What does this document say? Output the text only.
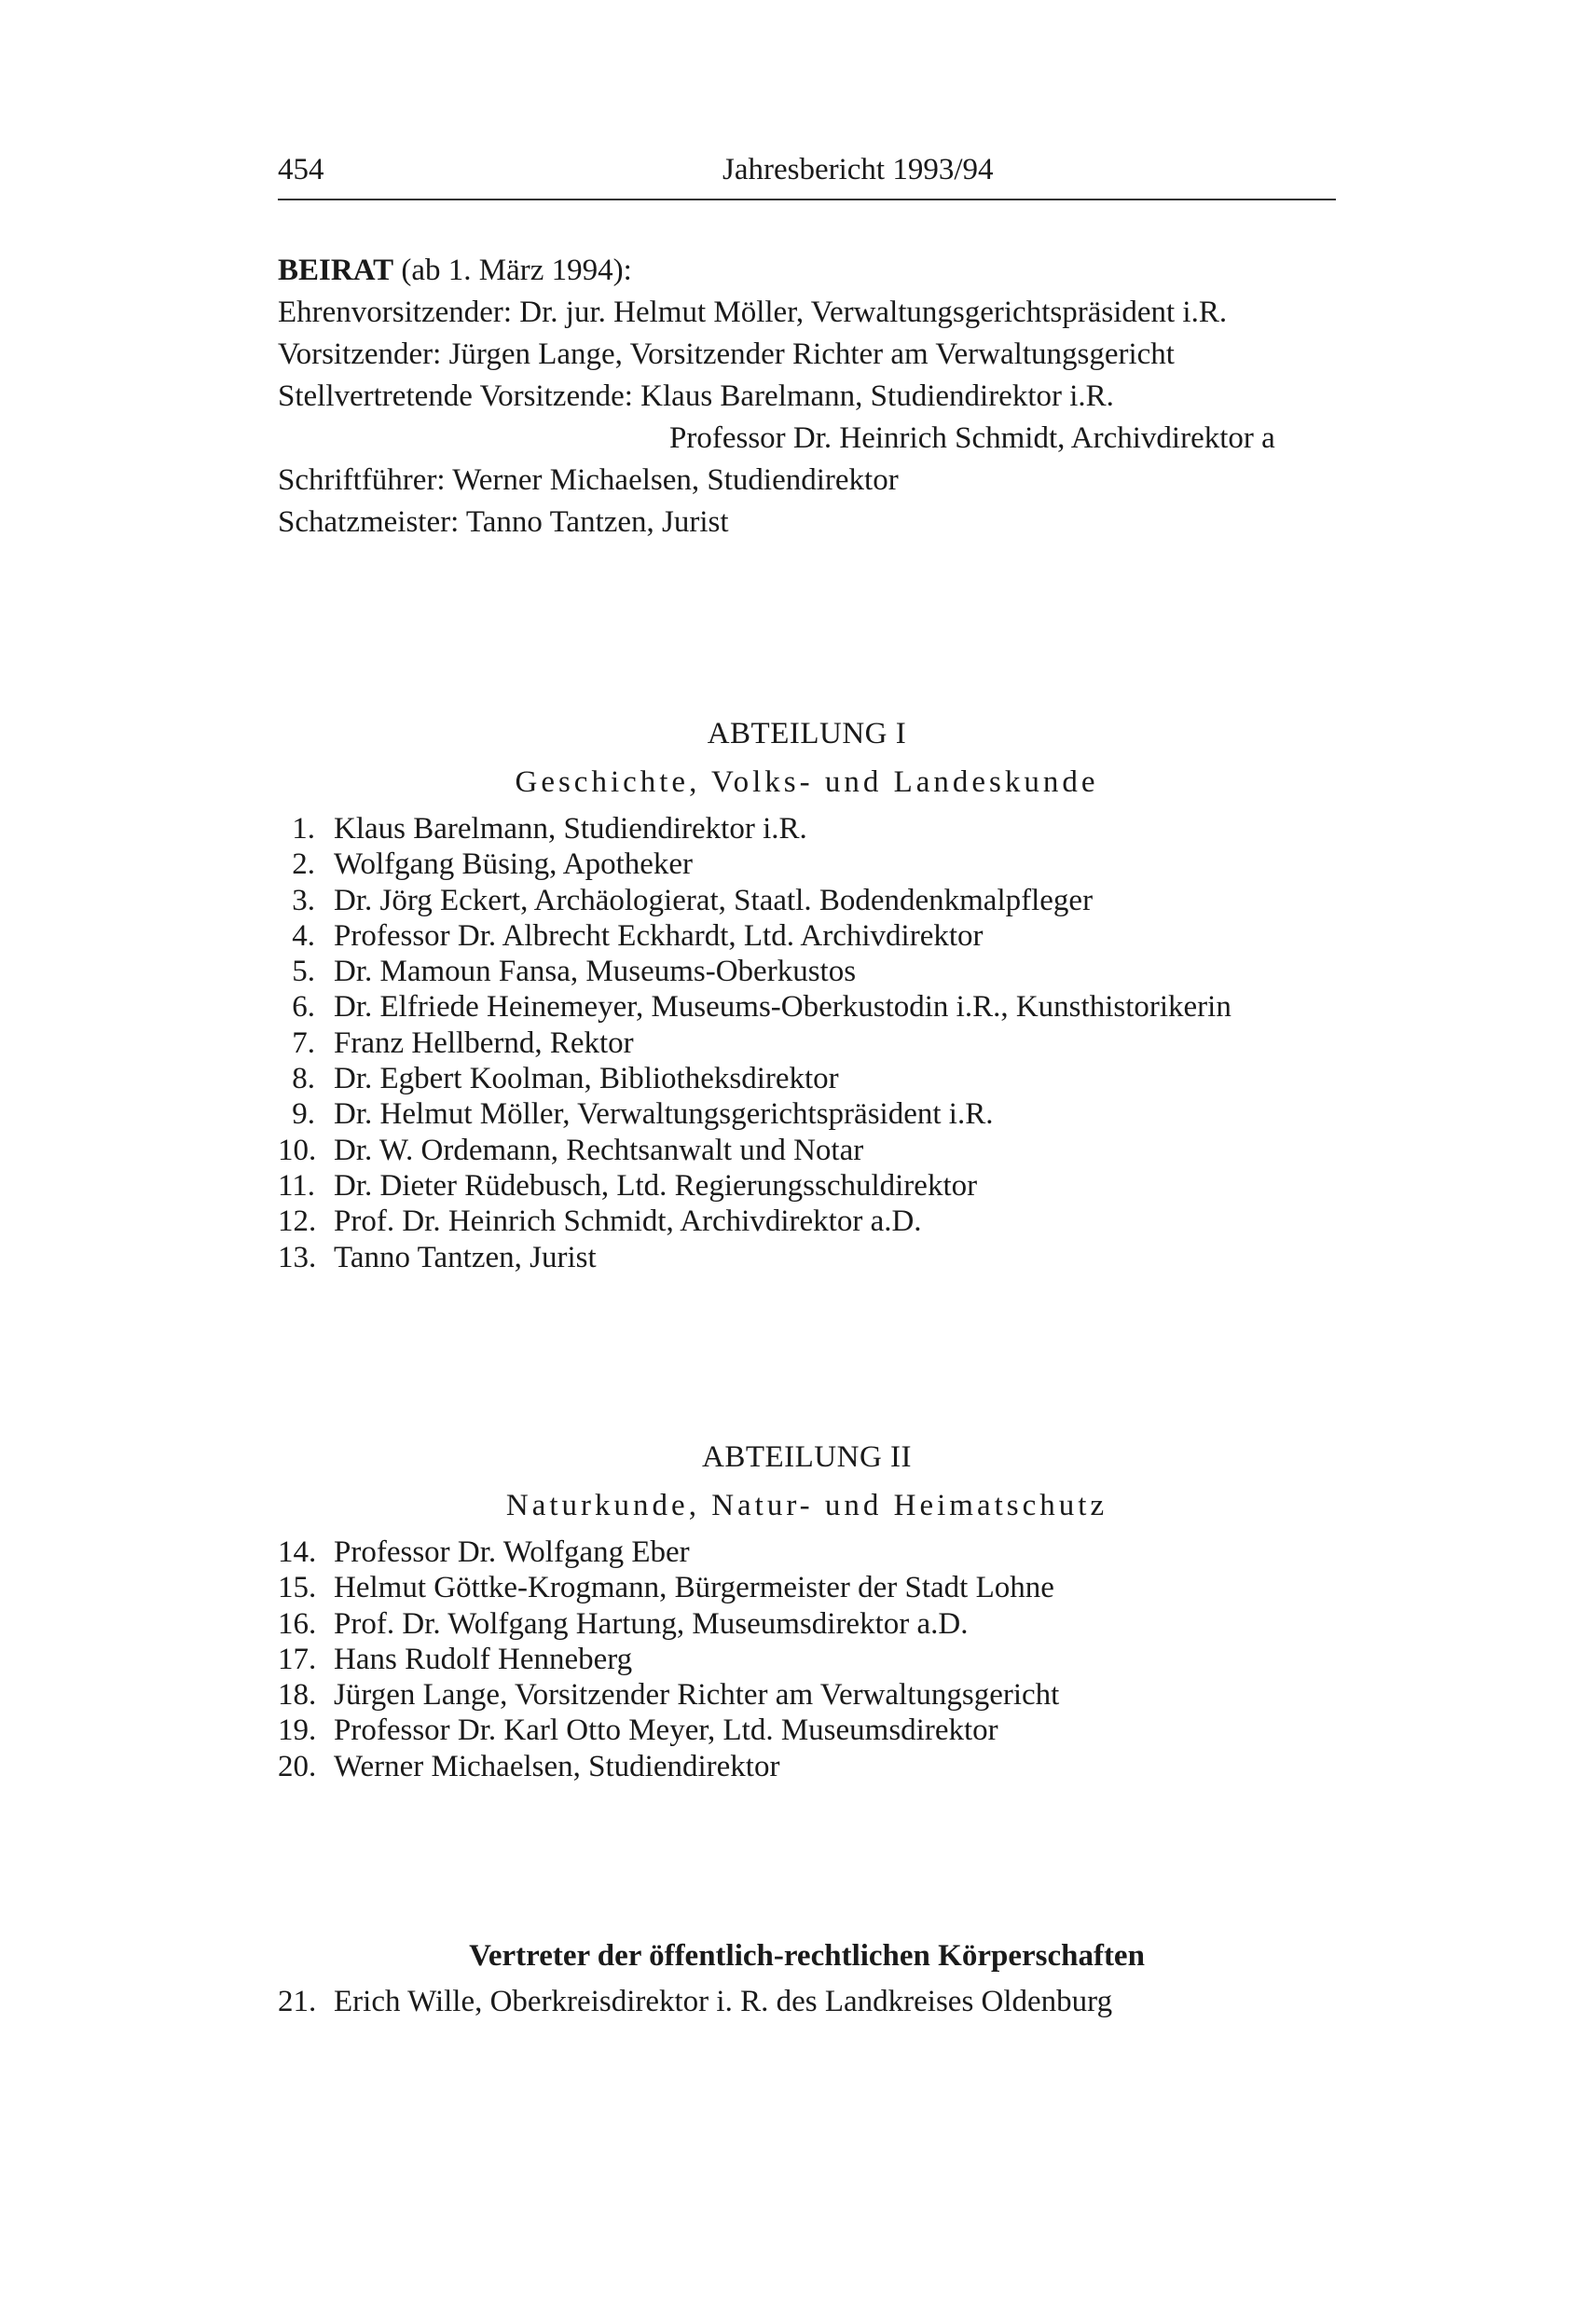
454	Jahresbericht 1993/94
BEIRAT (ab 1. März 1994):
Ehrenvorsitzender: Dr. jur. Helmut Möller, Verwaltungsgerichtspräsident i.R.
Vorsitzender: Jürgen Lange, Vorsitzender Richter am Verwaltungsgericht
Stellvertretende Vorsitzende: Klaus Barelmann, Studiendirektor i.R.
Professor Dr. Heinrich Schmidt, Archivdirektor a
Schriftführer: Werner Michaelsen, Studiendirektor
Schatzmeister: Tanno Tantzen, Jurist
ABTEILUNG I
Geschichte, Volks- und Landeskunde
1. Klaus Barelmann, Studiendirektor i.R.
2. Wolfgang Büsing, Apotheker
3. Dr. Jörg Eckert, Archäologierat, Staatl. Bodendenkmalpfleger
4. Professor Dr. Albrecht Eckhardt, Ltd. Archivdirektor
5. Dr. Mamoun Fansa, Museums-Oberkustos
6. Dr. Elfriede Heinemeyer, Museums-Oberkustodin i.R., Kunsthistorikerin
7. Franz Hellbernd, Rektor
8. Dr. Egbert Koolman, Bibliotheksdirektor
9. Dr. Helmut Möller, Verwaltungsgerichtspräsident i.R.
10. Dr. W. Ordemann, Rechtsanwalt und Notar
11. Dr. Dieter Rüdebusch, Ltd. Regierungsschuldirektor
12. Prof. Dr. Heinrich Schmidt, Archivdirektor a.D.
13. Tanno Tantzen, Jurist
ABTEILUNG II
Naturkunde, Natur- und Heimatschutz
14. Professor Dr. Wolfgang Eber
15. Helmut Göttke-Krogmann, Bürgermeister der Stadt Lohne
16. Prof. Dr. Wolfgang Hartung, Museumsdirektor a.D.
17. Hans Rudolf Henneberg
18. Jürgen Lange, Vorsitzender Richter am Verwaltungsgericht
19. Professor Dr. Karl Otto Meyer, Ltd. Museumsdirektor
20. Werner Michaelsen, Studiendirektor
Vertreter der öffentlich-rechtlichen Körperschaften
21. Erich Wille, Oberkreisdirektor i. R. des Landkreises Oldenburg
